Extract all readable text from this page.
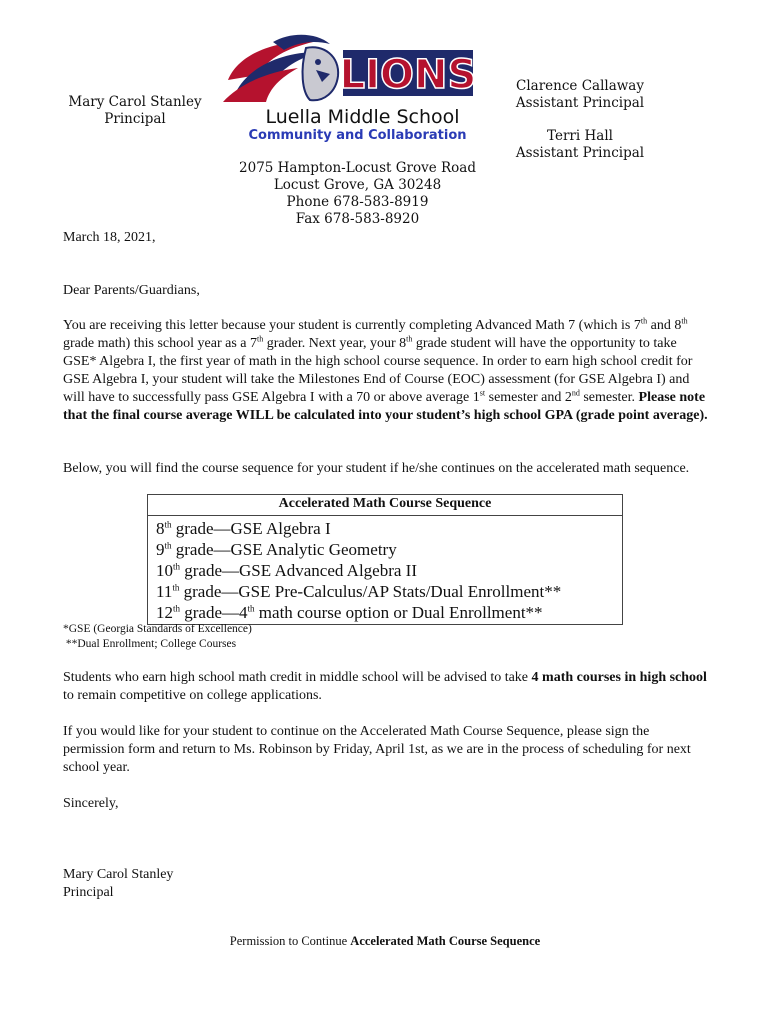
Mary Carol Stanley
Principal
LIONS
Luella Middle School
Community and Collaboration
Clarence Callaway
Assistant Principal
Terri Hall
Assistant Principal
2075 Hampton-Locust Grove Road
Locust Grove, GA 30248
Phone 678-583-8919
Fax 678-583-8920
March 18, 2021,
Dear Parents/Guardians,
You are receiving this letter because your student is currently completing Advanced Math 7 (which is 7th and 8th grade math) this school year as a 7th grader. Next year, your 8th grade student will have the opportunity to take GSE* Algebra I, the first year of math in the high school course sequence. In order to earn high school credit for GSE Algebra I, your student will take the Milestones End of Course (EOC) assessment (for GSE Algebra I) and will have to successfully pass GSE Algebra I with a 70 or above average 1st semester and 2nd semester. Please note that the final course average WILL be calculated into your student’s high school GPA (grade point average).
Below, you will find the course sequence for your student if he/she continues on the accelerated math sequence.
Accelerated Math Course Sequence
8th grade—GSE Algebra I
9th grade—GSE Analytic Geometry
10th grade—GSE Advanced Algebra II
11th grade—GSE Pre-Calculus/AP Stats/Dual Enrollment**
12th grade—4th math course option or Dual Enrollment**
*GSE (Georgia Standards of Excellence)
**Dual Enrollment; College Courses
Students who earn high school math credit in middle school will be advised to take 4 math courses in high school to remain competitive on college applications.
If you would like for your student to continue on the Accelerated Math Course Sequence, please sign the permission form and return to Ms. Robinson by Friday, April 1st, as we are in the process of scheduling for next school year.
Sincerely,
Mary Carol Stanley
Principal
Permission to Continue Accelerated Math Course Sequence
